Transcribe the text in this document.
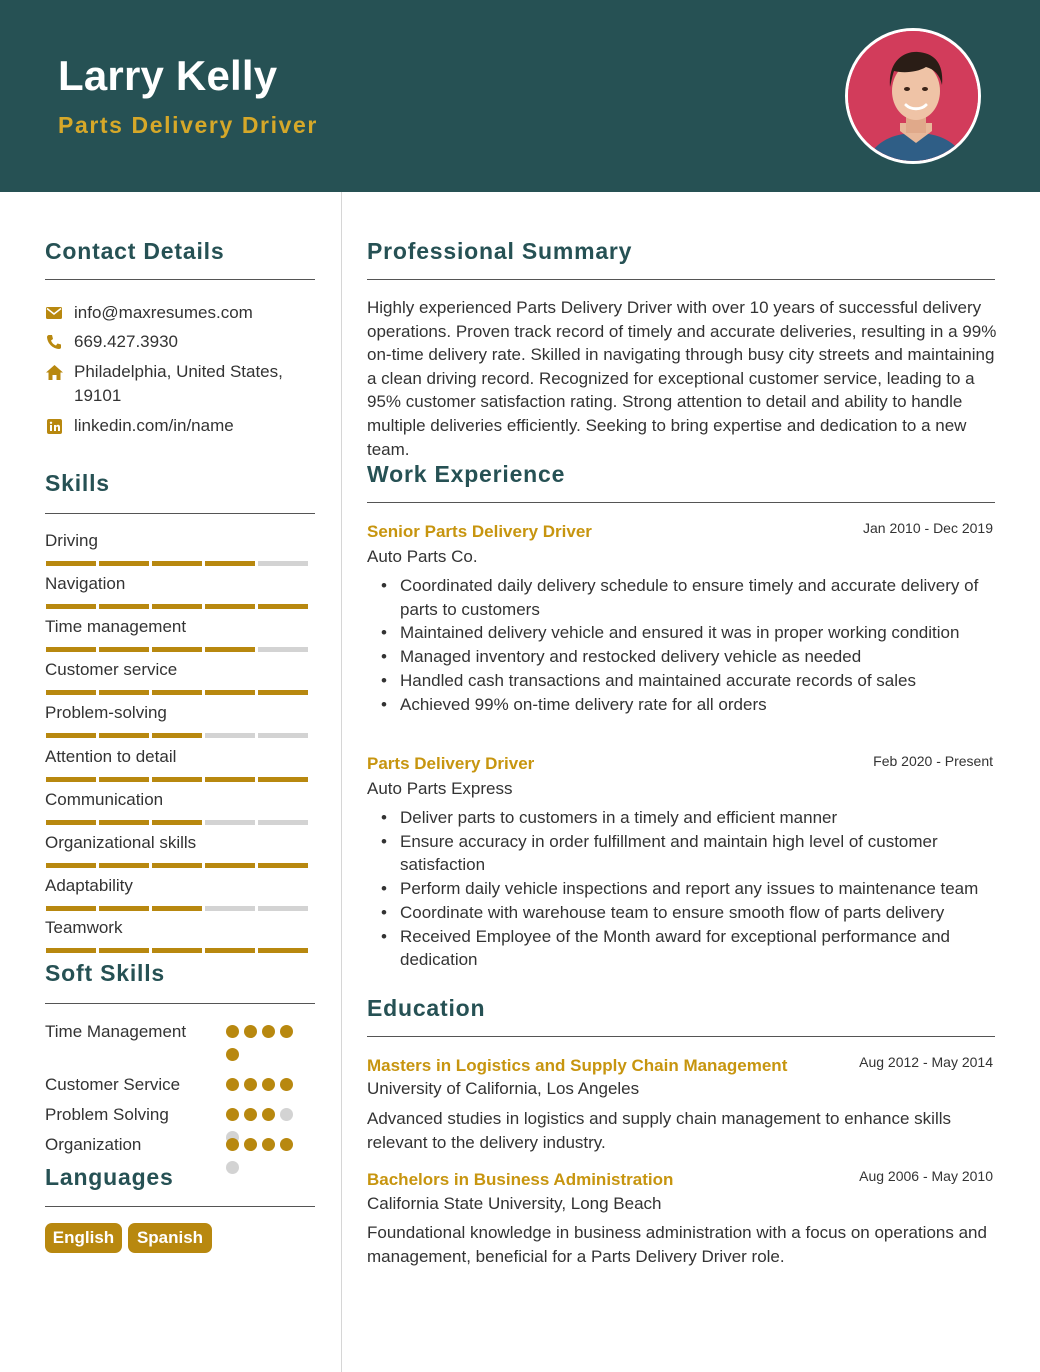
Larry Kelly
Parts Delivery Driver
Contact Details
info@maxresumes.com
669.427.3930
Philadelphia, United States, 19101
linkedin.com/in/name
Skills
Driving
Navigation
Time management
Customer service
Problem-solving
Attention to detail
Communication
Organizational skills
Adaptability
Teamwork
Soft Skills
Time Management
Customer Service
Problem Solving
Organization
Languages
English	Spanish
Professional Summary
Highly experienced Parts Delivery Driver with over 10 years of successful delivery operations. Proven track record of timely and accurate deliveries, resulting in a 99% on-time delivery rate. Skilled in navigating through busy city streets and maintaining a clean driving record. Recognized for exceptional customer service, leading to a 95% customer satisfaction rating. Strong attention to detail and ability to handle multiple deliveries efficiently. Seeking to bring expertise and dedication to a new team.
Work Experience
Senior Parts Delivery Driver	Jan 2010 - Dec 2019
Auto Parts Co.
• Coordinated daily delivery schedule to ensure timely and accurate delivery of parts to customers
• Maintained delivery vehicle and ensured it was in proper working condition
• Managed inventory and restocked delivery vehicle as needed
• Handled cash transactions and maintained accurate records of sales
• Achieved 99% on-time delivery rate for all orders
Parts Delivery Driver	Feb 2020 - Present
Auto Parts Express
• Deliver parts to customers in a timely and efficient manner
• Ensure accuracy in order fulfillment and maintain high level of customer satisfaction
• Perform daily vehicle inspections and report any issues to maintenance team
• Coordinate with warehouse team to ensure smooth flow of parts delivery
• Received Employee of the Month award for exceptional performance and dedication
Education
Masters in Logistics and Supply Chain Management	Aug 2012 - May 2014
University of California, Los Angeles
Advanced studies in logistics and supply chain management to enhance skills relevant to the delivery industry.
Bachelors in Business Administration	Aug 2006 - May 2010
California State University, Long Beach
Foundational knowledge in business administration with a focus on operations and management, beneficial for a Parts Delivery Driver role.
